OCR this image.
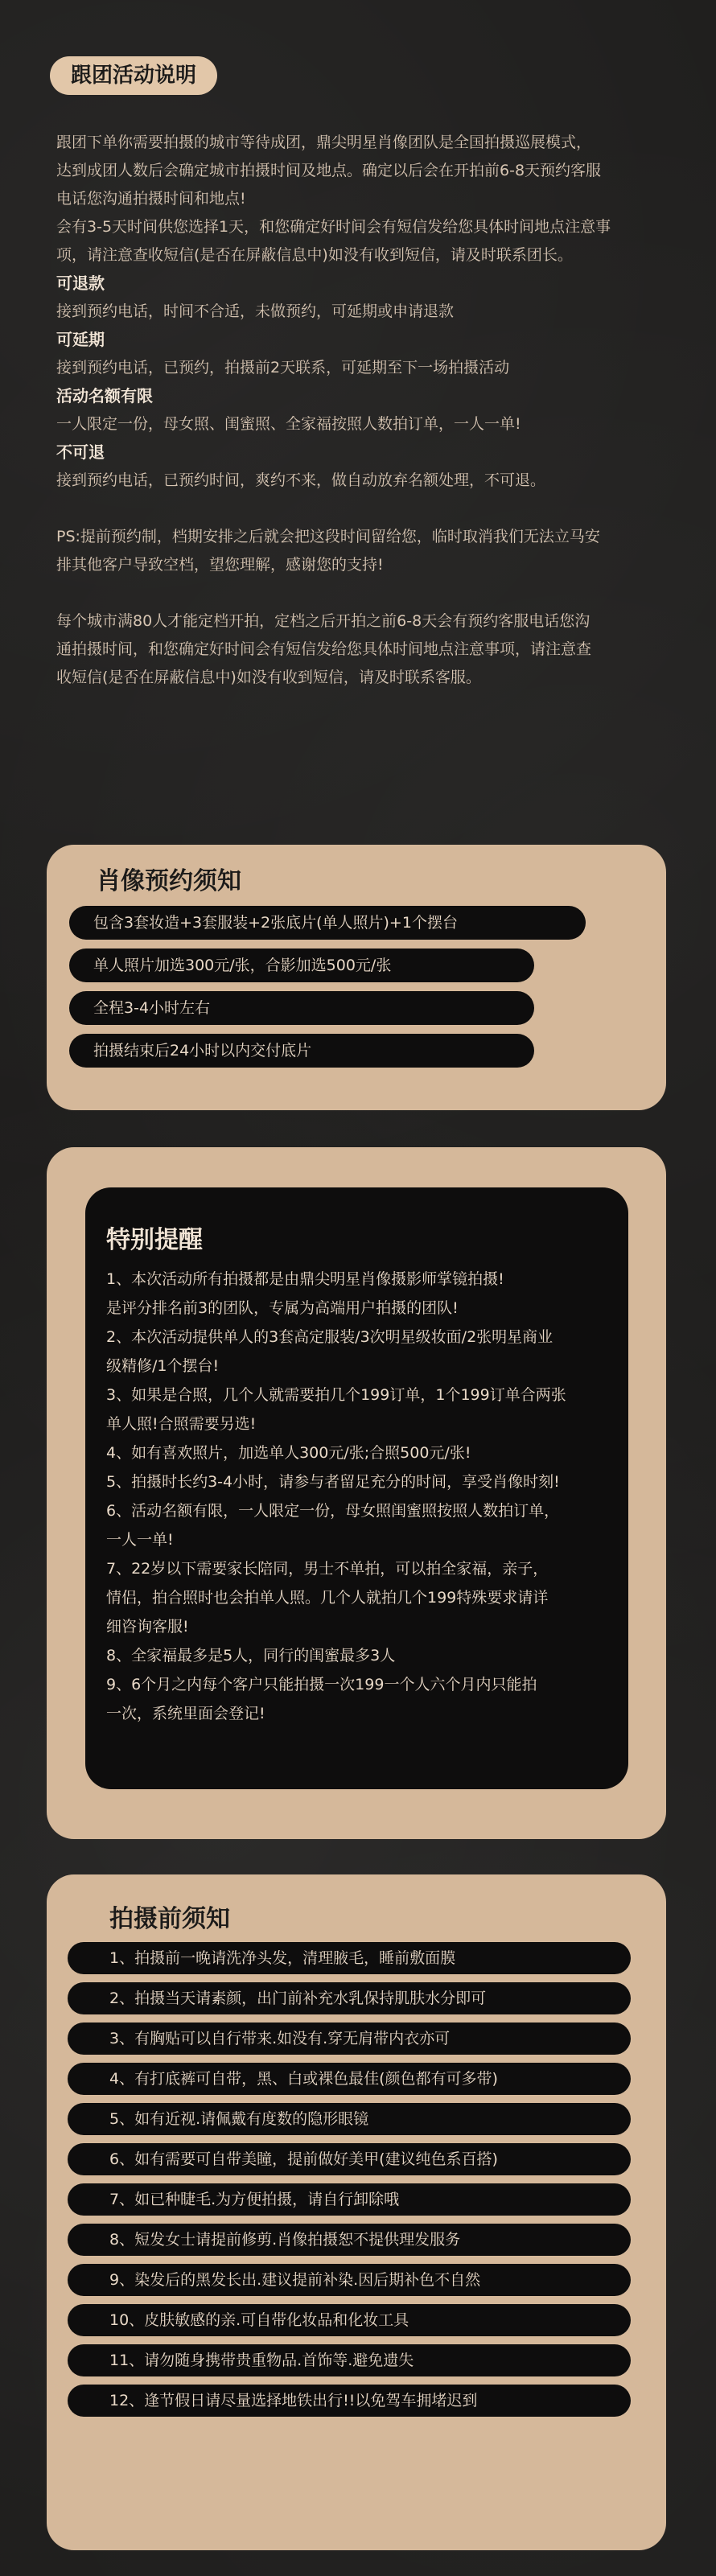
跟团活动说明

跟团下单你需要拍摄的城市等待成团，鼎尖明星肖像团队是全国拍摄巡展模式，

达到成团人数后会确定城市拍摄时间及地点。确定以后会在开拍前6-8天预约客服

电话您沟通拍摄时间和地点!

会有3-5天时间供您选择1天，和您确定好时间会有短信发给您具体时间地点注意事

项，请注意查收短信(是否在屏蔽信息中)如没有收到短信，请及时联系团长。

可退款

接到预约电话，时间不合适，未做预约，可延期或申请退款

可延期

接到预约电话，已预约，拍摄前2天联系，可延期至下一场拍摄活动

活动名额有限

一人限定一份，母女照、闺蜜照、全家福按照人数拍订单，一人一单!

不可退

接到预约电话，已预约时间，爽约不来，做自动放弃名额处理，不可退。

PS:提前预约制，档期安排之后就会把这段时间留给您，临时取消我们无法立马安

排其他客户导致空档，望您理解，感谢您的支持!

每个城市满80人才能定档开拍，定档之后开拍之前6-8天会有预约客服电话您沟

通拍摄时间，和您确定好时间会有短信发给您具体时间地点注意事项，请注意查

收短信(是否在屏蔽信息中)如没有收到短信，请及时联系客服。

肖像预约须知
包含3套妆造+3套服装+2张底片(单人照片)+1个摆台
单人照片加选300元/张，合影加选500元/张
全程3-4小时左右
拍摄结束后24小时以内交付底片
特别提醒

1、本次活动所有拍摄都是由鼎尖明星肖像摄影师掌镜拍摄!

是评分排名前3的团队，专属为高端用户拍摄的团队!

2、本次活动提供单人的3套高定服装/3次明星级妆面/2张明星商业

级精修/1个摆台!

3、如果是合照，几个人就需要拍几个199订单，1个199订单合两张

单人照!合照需要另选!

4、如有喜欢照片，加选单人300元/张;合照500元/张!

5、拍摄时长约3-4小时，请参与者留足充分的时间，享受肖像时刻!

6、活动名额有限，一人限定一份，母女照闺蜜照按照人数拍订单，

一人一单!

7、22岁以下需要家长陪同，男士不单拍，可以拍全家福，亲子，

情侣，拍合照时也会拍单人照。几个人就拍几个199特殊要求请详

细咨询客服!

8、全家福最多是5人，同行的闺蜜最多3人

9、6个月之内每个客户只能拍摄一次199一个人六个月内只能拍

一次，系统里面会登记!

拍摄前须知
1、拍摄前一晚请洗净头发，清理腋毛，睡前敷面膜
2、拍摄当天请素颜，出门前补充水乳保持肌肤水分即可
3、有胸贴可以自行带来.如没有.穿无肩带内衣亦可
4、有打底裤可自带，黑、白或裸色最佳(颜色都有可多带)
5、如有近视.请佩戴有度数的隐形眼镜
6、如有需要可自带美瞳，提前做好美甲(建议纯色系百搭)
7、如已种睫毛.为方便拍摄，请自行卸除哦
8、短发女士请提前修剪.肖像拍摄恕不提供理发服务
9、染发后的黑发长出.建议提前补染.因后期补色不自然
10、皮肤敏感的亲.可自带化妆品和化妆工具
11、请勿随身携带贵重物品.首饰等.避免遗失
12、逢节假日请尽量选择地铁出行!!以免驾车拥堵迟到
